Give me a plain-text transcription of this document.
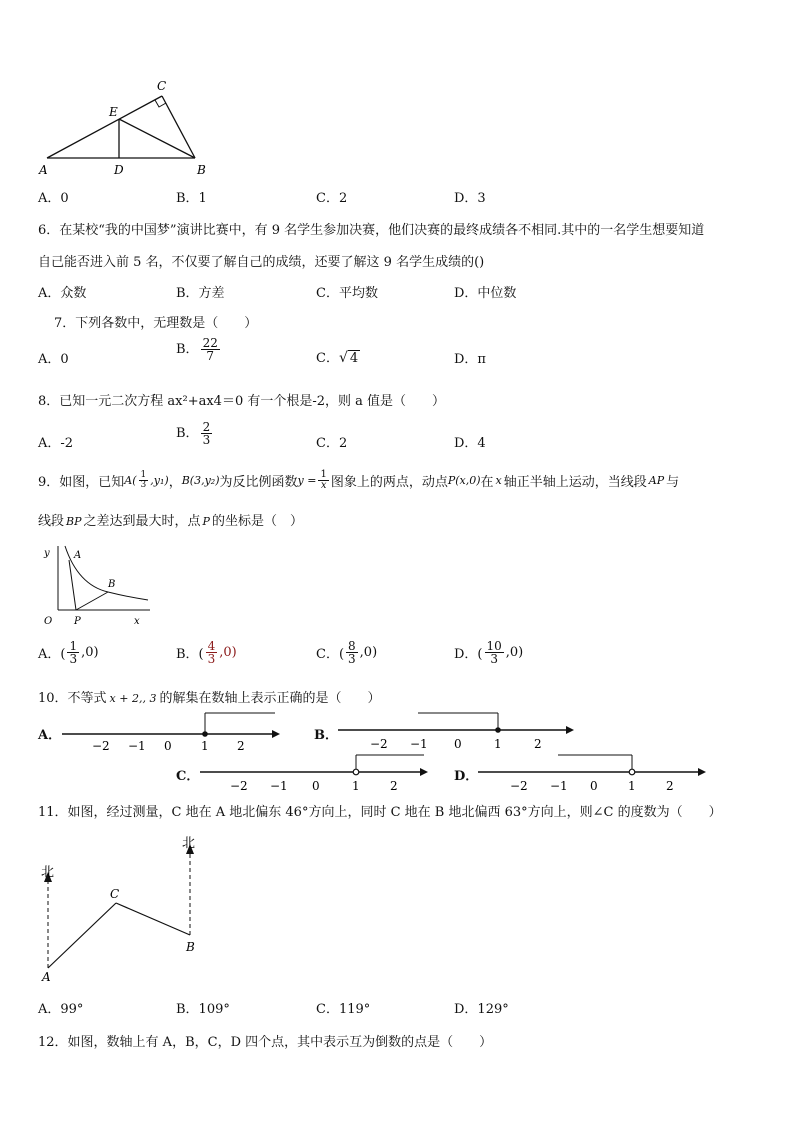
A	D	B
E
C
A．0	B．1	C．2	D．3
6．在某校“我的中国梦”演讲比赛中，有 9 名学生参加决赛，他们决赛的最终成绩各不相同.其中的一名学生想要知道
自己能否进入前 5 名，不仅要了解自己的成绩，还要了解这 9 名学生成绩的()
A．众数	B．方差	C．平均数	D．中位数
7．下列各数中，无理数是（　　）
A．0
B． $\frac{22}{7}$	C．√ 4	D．π
8．已知一元二次方程 ax²+ax4＝0 有一个根是-2，则 a 值是（　　）
A．-2
B． $\frac{2}{3}$	C．2	D．4
9．如图，已知 $A( \frac{1}{3} ,y_1)$ ， B(3,y₂) 为反比例函数 $y = \frac{1}{x}$ 图象上的两点，动点 P(x,0) 在 x 轴正半轴上运动，当线段 AP 与
线段 BP 之差达到最大时，点 P 的坐标是（　）
y A
B
O P	x
A．( $\frac{1}{3} ,0$)	B．( $\frac{4}{3} ,0$)	C．( $\frac{8}{3} ,0$)	D．( $\frac{10}{3} ,0$)
10．不等式 x + 2,, 3 的解集在数轴上表示正确的是（　　）
A．
−2 −1 0 1 2
B．
−2 −1 0	1	2
C．
−2 −1 0	1	2
D．
−2 −1 0	1	2
11．如图，经过测量，C 地在 A 地北偏东 46°方向上，同时 C 地在 B 地北偏西 63°方向上，则∠C 的度数为（　　）
北
北
A
C
B
A．99°	B．109°	C．119°	D．129°
12．如图，数轴上有 A，B，C，D 四个点，其中表示互为倒数的点是（　　）
